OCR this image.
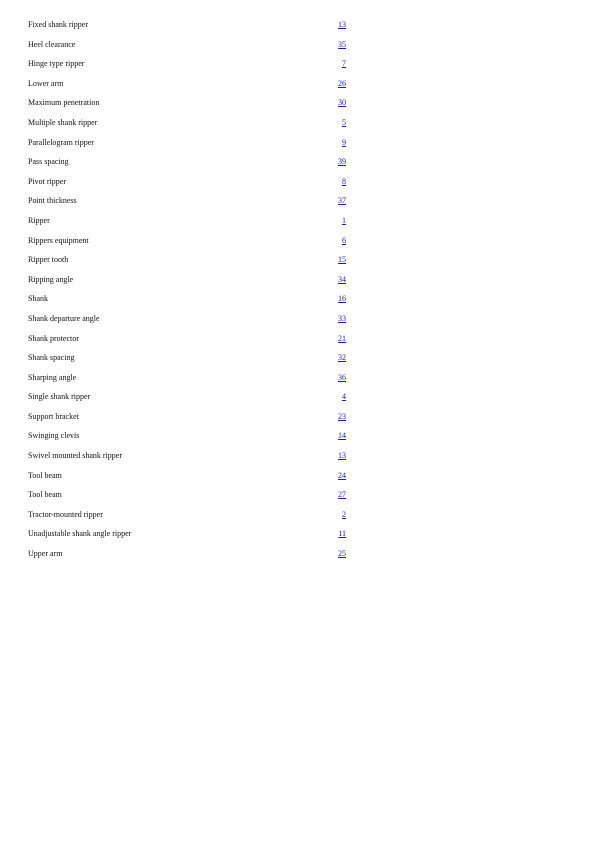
Fixed shank ripper	13
Heel clearance	35
Hinge type ripper	7
Lower arm	26
Maximum penetration	30
Multiple shank ripper	5
Parallelogram ripper	9
Pass spacing	39
Pivot ripper	8
Point thickness	37
Ripper	1
Rippers equipment	6
Ripper tooth	15
Ripping angle	34
Shank	16
Shank departure angle	33
Shank protector	21
Shank spacing	32
Sharping angle	36
Single shank ripper	4
Support bracket	23
Swinging clevis	14
Swivel mounted shank ripper	13
Tool beam	24
Tool beam	27
Tractor-mounted ripper	2
Unadjustable shank angle ripper	11
Upper arm	25
